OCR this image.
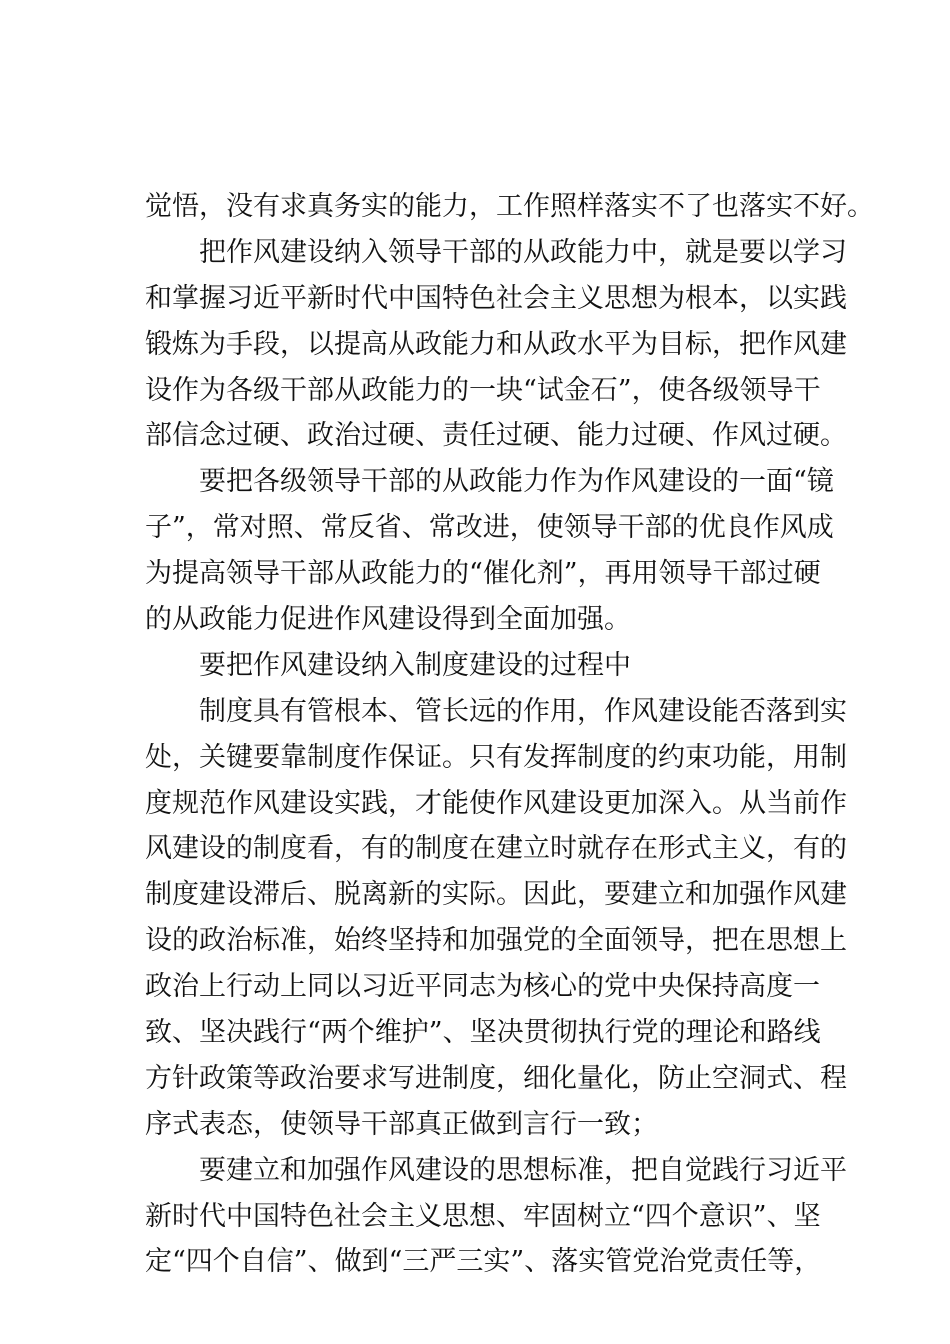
觉悟，没有求真务实的能力，工作照样落实不了也落实不好。
把作风建设纳入领导干部的从政能力中，就是要以学习
和掌握习近平新时代中国特色社会主义思想为根本，以实践
锻炼为手段，以提高从政能力和从政水平为目标，把作风建
设作为各级干部从政能力的一块“试金石”，使各级领导干
部信念过硬、政治过硬、责任过硬、能力过硬、作风过硬。
要把各级领导干部的从政能力作为作风建设的一面“镜
子”，常对照、常反省、常改进，使领导干部的优良作风成
为提高领导干部从政能力的“催化剂”，再用领导干部过硬
的从政能力促进作风建设得到全面加强。
要把作风建设纳入制度建设的过程中
制度具有管根本、管长远的作用，作风建设能否落到实
处，关键要靠制度作保证。只有发挥制度的约束功能，用制
度规范作风建设实践，才能使作风建设更加深入。从当前作
风建设的制度看，有的制度在建立时就存在形式主义，有的
制度建设滞后、脱离新的实际。因此，要建立和加强作风建
设的政治标准，始终坚持和加强党的全面领导，把在思想上
政治上行动上同以习近平同志为核心的党中央保持高度一
致、坚决践行“两个维护”、坚决贯彻执行党的理论和路线
方针政策等政治要求写进制度，细化量化，防止空洞式、程
序式表态，使领导干部真正做到言行一致；
要建立和加强作风建设的思想标准，把自觉践行习近平
新时代中国特色社会主义思想、牢固树立“四个意识”、坚
定“四个自信”、做到“三严三实”、落实管党治党责任等，
